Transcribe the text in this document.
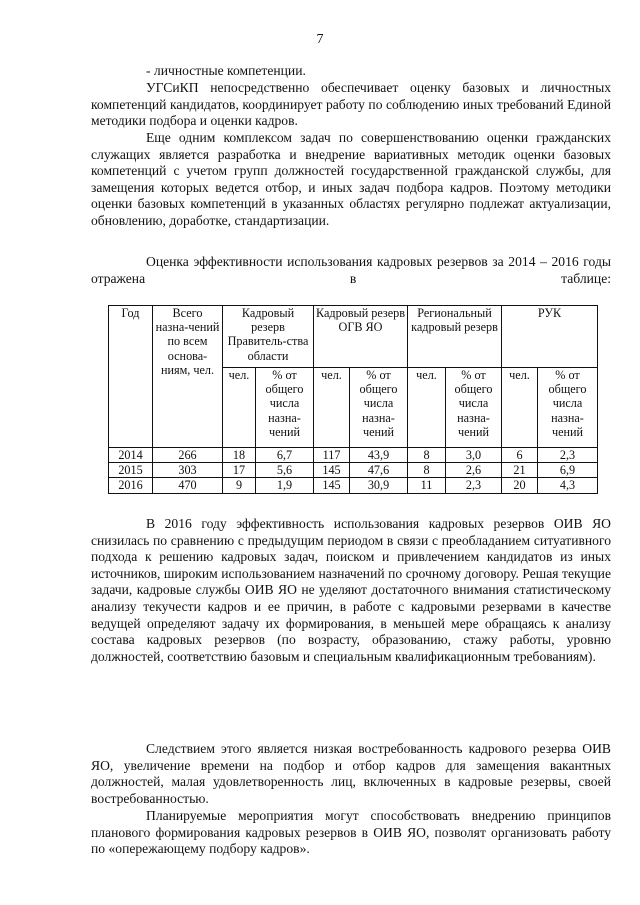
7
- личностные компетенции.
УГСиКП непосредственно обеспечивает оценку базовых и личностных компетенций кандидатов, координирует работу по соблюдению иных требований Единой методики подбора и оценки кадров.
Еще одним комплексом задач по совершенствованию оценки гражданских служащих является разработка и внедрение вариативных методик оценки базовых компетенций с учетом групп должностей государственной гражданской службы, для замещения которых ведется отбор, и иных задач подбора кадров. Поэтому методики оценки базовых компетенций в указанных областях регулярно подлежат актуализации, обновлению, доработке, стандартизации.
Оценка эффективности использования кадровых резервов за 2014 – 2016 годы отражена в таблице:
Год	Всего назна-чений по всем основа-ниям, чел.	Кадровый резерв Правитель-ства области		Кадровый резерв ОГВ ЯО		Региональный кадровый резерв		РУК	
		чел.	% от общего числа назна-чений	чел.	% от общего числа назна-чений	чел.	% от общего числа назна-чений	чел.	% от общего числа назна-чений
2014	266	18	6,7	117	43,9	8	3,0	6	2,3
2015	303	17	5,6	145	47,6	8	2,6	21	6,9
2016	470	9	1,9	145	30,9	11	2,3	20	4,3
В 2016 году эффективность использования кадровых резервов ОИВ ЯО снизилась по сравнению с предыдущим периодом в связи с преобладанием ситуативного подхода к решению кадровых задач, поиском и привлечением кандидатов из иных источников, широким использованием назначений по срочному договору. Решая текущие задачи, кадровые службы ОИВ ЯО не уделяют достаточного внимания статистическому анализу текучести кадров и ее причин, в работе с кадровыми резервами в качестве ведущей определяют задачу их формирования, в меньшей мере обращаясь к анализу состава кадровых резервов (по возрасту, образованию, стажу работы, уровню должностей, соответствию базовым и специальным квалификационным требованиям).
Следствием этого является низкая востребованность кадрового резерва ОИВ ЯО, увеличение времени на подбор и отбор кадров для замещения вакантных должностей, малая удовлетворенность лиц, включенных в кадровые резервы, своей востребованностью.
Планируемые мероприятия могут способствовать внедрению принципов планового формирования кадровых резервов в ОИВ ЯО, позволят организовать работу по «опережающему подбору кадров».
